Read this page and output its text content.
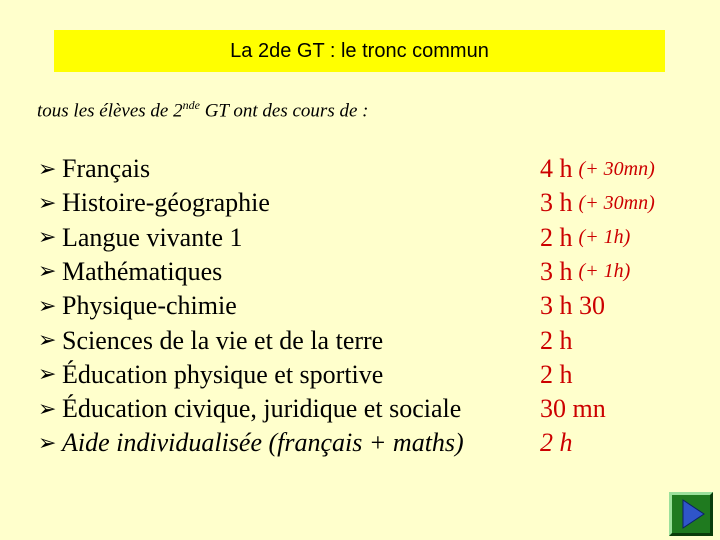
La 2de GT : le tronc commun
tous les élèves de 2nde GT ont des cours de :
➢ Français	4 h (+ 30mn)
➢ Histoire-géographie	3 h (+ 30mn)
➢ Langue vivante 1	2 h (+ 1h)
➢ Mathématiques	3 h (+ 1h)
➢ Physique-chimie	3 h 30
➢ Sciences de la vie et de la terre	2 h
➢ Éducation physique et sportive	2 h
➢ Éducation civique, juridique et sociale	30 mn
➢ Aide individualisée (français + maths)	2 h
